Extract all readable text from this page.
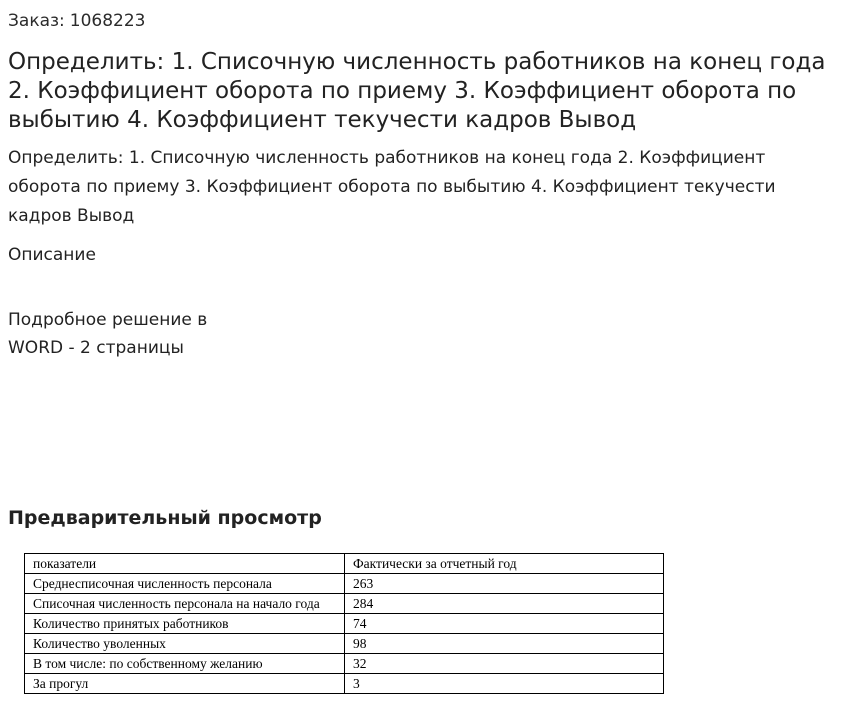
Заказ: 1068223

Определить: 1. Списочную численность работников на конец года 2. Коэффициент оборота по приему 3. Коэффициент оборота по выбытию 4. Коэффициент текучести кадров Вывод

Определить: 1. Списочную численность работников на конец года 2. Коэффициент оборота по приему 3. Коэффициент оборота по выбытию 4. Коэффициент текучести кадров Вывод

Описание

Подробное решение в WORD - 2 страницы

Предварительный просмотр
показатели	Фактически за отчетный год
Среднесписочная численность персонала	263
Списочная численность персонала на начало года	284
Количество принятых работников	74
Количество уволенных	98
В том числе: по собственному желанию	32
За прогул	3
